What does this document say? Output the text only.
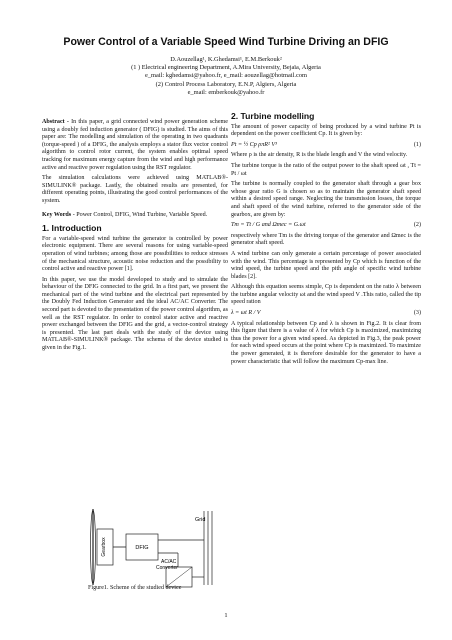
Power Control of a Variable Speed Wind Turbine Driving an DFIG
D.Aouzellag¹, K.Ghedamsi¹, E.M.Berkouk²
(1 ) Electrical engineering Department, A.Mira University, Bejaïa, Algeria
e_mail: kghedamsi@yahoo.fr, e_mail: aouzellag@hotmail.com
(2) Control Process Laboratory, E.N.P, Algiers, Algeria
e_mail: emberkouk@yahoo.fr

Abstract - In this paper, a grid connected wind power generation scheme using a doubly fed induction generator ( DFIG) is studied. The aims of this paper are: The modelling and simulation of the operating in two quadrants (torque-speed ) of a DFIG, the analysis employs a stator flux vector control algorithm to control rotor current, the system enables optimal speed tracking for maximum energy capture from the wind and high performance active and reactive power regulation using the RST regulator.

The simulation calculations were achieved using MATLAB®-SIMULINK® package. Lastly, the obtained results are presented, for different operating points, illustrating the good control performances of the system.

Key Words - Power Control, DFIG, Wind Turbine, Variable Speed.

1. Introduction

For a variable-speed wind turbine the generator is controlled by power electronic equipment. There are several reasons for using variable-speed operation of wind turbines; among those are possibilities to reduce stresses of the mechanical structure, acoustic noise reduction and the possibility to control active and reactive power [1].

In this paper, we use the model developed to study and to simulate the behaviour of the DFIG connected to the grid. In a first part, we present the mechanical part of the wind turbine and the electrical part represented by the Doubly Fed Induction Generator and the ideal AC/AC Converter. The second part is devoted to the presentation of the power control algorithm, as well as the RST regulator. In order to control stator active and reactive power exchanged between the DFIG and the grid, a vector-control strategy is presented. The last part deals with the study of the device using MATLAB®-SIMULINK® package. The schema of the device studied is given in the Fig.1.

Gearbox	DFIG
Grid
AC/AC
Converter
Figure1. Scheme of the studied device
2. Turbine modelling

The amount of power capacity of being produced by a wind turbine Pt is dependent on the power coefficient Cp. It is given by:

Pt = ½ Cp ρπR² V³	(1)

Where ρ is the air density, R is the blade length and V the wind velocity.

The turbine torque is the ratio of the output power to the shaft speed ωt , Tt = Pt / ωt

The turbine is normally coupled to the generator shaft through a gear box whose gear ratio G is chosen so as to maintain the generator shaft speed within a desired speed range. Neglecting the transmission losses, the torque and shaft speed of the wind turbine, referred to the generator side of the gearbox, are given by:

Tm = Tt / G and Ωmec = G.ωt	(2)

respectively where Tm is the driving torque of the generator and Ωmec is the generator shaft speed.

A wind turbine can only generate a certain percentage of power associated with the wind. This percentage is represented by Cp which is function of the wind speed, the turbine speed and the pith angle of specific wind turbine blades [2].

Although this equation seems simple, Cp is dependent on the ratio λ between the turbine angular velocity ωt and the wind speed V .This ratio, called the tip speed ration

λ = ωt R / V	(3)

A typical relationship between Cp and λ is shown in Fig.2. It is clear from this figure that there is a value of λ for which Cp is maximized, maximizing thus the power for a given wind speed. As depicted in Fig.3, the peak power for each wind speed occurs at the point where Cp is maximized. To maximize the power generated, it is therefore desirable for the generator to have a power characteristic that will follow the maximum Cp-max line.

1
